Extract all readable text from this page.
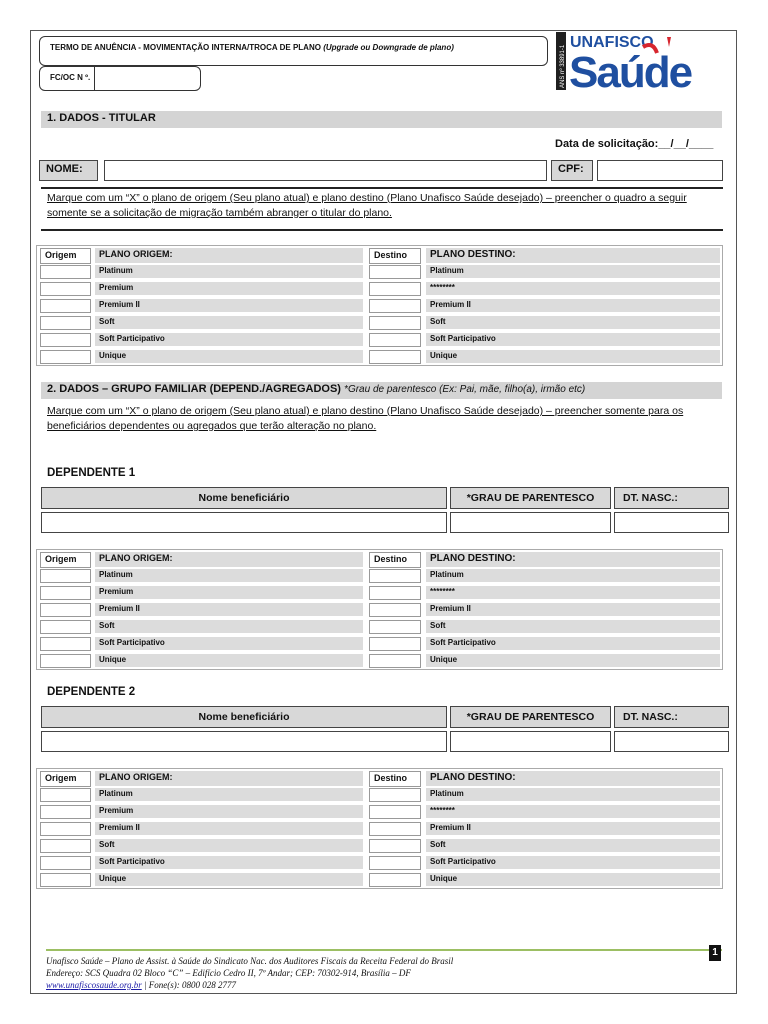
TERMO DE ANUÊNCIA - MOVIMENTAÇÃO INTERNA/TROCA DE PLANO (Upgrade ou Downgrade de plano)
FC/OC N º.	ANS nº 33891-1
UNAFISCO
Saúde
1. DADOS - TITULAR
Data de solicitação:__/__/____
NOME:	CPF:
Marque com um “X” o plano de origem (Seu plano atual) e plano destino (Plano Unafisco Saúde desejado) – preencher o quadro a seguir somente se a solicitação de migração também abranger o titular do plano.
Origem	PLANO ORIGEM:	Destino	PLANO DESTINO:
Platinum	Platinum
Premium	********
Premium II	Premium II
Soft	Soft
Soft Participativo	Soft Participativo
Unique	Unique
Origem	PLANO ORIGEM:	Destino	PLANO DESTINO:
Platinum	Platinum
Premium	********
Premium II	Premium II
Soft	Soft
Soft Participativo	Soft Participativo
Unique	Unique
Origem	PLANO ORIGEM:	Destino	PLANO DESTINO:
Platinum	Platinum
Premium	********
Premium II	Premium II
Soft	Soft
Soft Participativo	Soft Participativo
Unique	Unique
2. DADOS – GRUPO FAMILIAR (DEPEND./AGREGADOS) *Grau de parentesco (Ex: Pai, mãe, filho(a), irmão etc)
Marque com um “X” o plano de origem (Seu plano atual) e plano destino (Plano Unafisco Saúde desejado) – preencher somente para os beneficiários dependentes ou agregados que terão alteração no plano.
DEPENDENTE 1
Nome beneficiário	*GRAU DE PARENTESCO	DT. NASC.:
DEPENDENTE 2
Nome beneficiário	*GRAU DE PARENTESCO	DT. NASC.:
1
Unafisco Saúde – Plano de Assist. à Saúde do Sindicato Nac. dos Auditores Fiscais da Receita Federal do Brasil
Endereço: SCS Quadra 02 Bloco “C” – Edifício Cedro II, 7º Andar; CEP: 70302-914, Brasília – DF
www.unafiscosaude.org.br | Fone(s): 0800 028 2777
